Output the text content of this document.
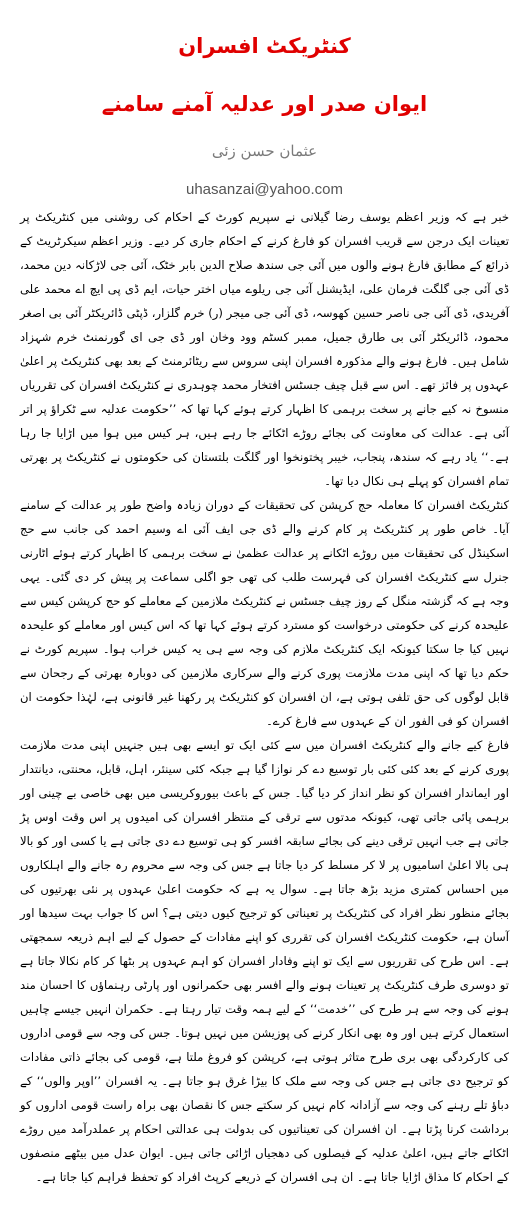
کنٹریکٹ افسران
ایوان صدر اور عدلیہ آمنے سامنے
عثمان حسن زئی
uhasanzai@yahoo.com

خبر ہے کہ وزیر اعظم یوسف رضا گیلانی نے سپریم کورٹ کے احکام کی روشنی میں کنٹریکٹ پر تعینات ایک درجن سے قریب افسران کو فارغ کرنے کے احکام جاری کر دیے۔ وزیر اعظم سیکرٹریٹ کے ذرائع کے مطابق فارغ ہونے والوں میں آئی جی سندھ صلاح الدین بابر خٹک، آئی جی لاڑکانہ دین محمد، ڈی آئی جی گلگت فرمان علی، ایڈیشنل آئی جی ریلوے میاں اختر حیات، ایم ڈی پی ایچ اے محمد علی آفریدی، ڈی آئی جی ناصر حسین کھوسہ، ڈی آئی جی میجر (ر) خرم گلزار، ڈپٹی ڈائریکٹر آئی بی اصغر محمود، ڈائریکٹر آئی بی طارق جمیل، ممبر کسٹم وود وخان اور ڈی جی ای گورنمنٹ خرم شہزاد شامل ہیں۔ فارغ ہونے والے مذکورہ افسران اپنی سروس سے ریٹائرمنٹ کے بعد بھی کنٹریکٹ پر اعلیٰ عہدوں پر فائز تھے۔ اس سے قبل چیف جسٹس افتخار محمد چوہدری نے کنٹریکٹ افسران کی تقرریاں منسوخ نہ کیے جانے پر سخت برہمی کا اظہار کرتے ہوئے کہا تھا کہ ’’حکومت عدلیہ سے ٹکراؤ پر اتر آئی ہے۔ عدالت کی معاونت کی بجائے روڑے اٹکائے جا رہے ہیں، ہر کیس میں ہوا میں اڑایا جا رہا ہے۔‘‘ یاد رہے کہ سندھ، پنجاب، خیبر پختونخوا اور گلگت بلتستان کی حکومتوں نے کنٹریکٹ پر بھرتی تمام افسران کو پہلے ہی نکال دیا تھا۔

کنٹریکٹ افسران کا معاملہ حج کرپشن کی تحقیقات کے دوران زیادہ واضح طور پر عدالت کے سامنے آیا۔ خاص طور پر کنٹریکٹ پر کام کرنے والے ڈی جی ایف آئی اے وسیم احمد کی جانب سے حج اسکینڈل کی تحقیقات میں روڑے اٹکانے پر عدالت عظمیٰ نے سخت برہمی کا اظہار کرتے ہوئے اٹارنی جنرل سے کنٹریکٹ افسران کی فہرست طلب کی تھی جو اگلی سماعت پر پیش کر دی گئی۔ یہی وجہ ہے کہ گزشتہ منگل کے روز چیف جسٹس نے کنٹریکٹ ملازمین کے معاملے کو حج کرپشن کیس سے علیحدہ کرنے کی حکومتی درخواست کو مسترد کرتے ہوئے کہا تھا کہ اس کیس اور معاملے کو علیحدہ نہیں کیا جا سکتا کیونکہ ایک کنٹریکٹ ملازم کی وجہ سے ہی یہ کیس خراب ہوا۔ سپریم کورٹ نے حکم دیا تھا کہ اپنی مدت ملازمت پوری کرنے والے سرکاری ملازمین کی دوبارہ بھرتی کے رجحان سے قابل لوگوں کی حق تلفی ہوتی ہے، ان افسران کو کنٹریکٹ پر رکھنا غیر قانونی ہے، لہٰذا حکومت ان افسران کو فی الفور ان کے عہدوں سے فارغ کرے۔

فارغ کیے جانے والے کنٹریکٹ افسران میں سے کئی ایک تو ایسے بھی ہیں جنہیں اپنی مدت ملازمت پوری کرنے کے بعد کئی کئی بار توسیع دے کر نوازا گیا ہے جبکہ کئی سینئر، اہل، قابل، محنتی، دیانتدار اور ایماندار افسران کو نظر انداز کر دیا گیا۔ جس کے باعث بیوروکریسی میں بھی خاصی بے چینی اور برہمی پائی جاتی تھی، کیونکہ مدتوں سے ترقی کے منتظر افسران کی امیدوں پر اس وقت اوس پڑ جاتی ہے جب انہیں ترقی دینے کی بجائے سابقہ افسر کو ہی توسیع دے دی جاتی ہے یا کسی اور کو بالا ہی بالا اعلیٰ اسامیوں پر لا کر مسلط کر دیا جاتا ہے جس کی وجہ سے محروم رہ جانے والے اہلکاروں میں احساس کمتری مزید بڑھ جاتا ہے۔ سوال یہ ہے کہ حکومت اعلیٰ عہدوں پر نئی بھرتیوں کی بجائے منظور نظر افراد کی کنٹریکٹ پر تعیناتی کو ترجیح کیوں دیتی ہے؟ اس کا جواب بہت سیدھا اور آسان ہے، حکومت کنٹریکٹ افسران کی تقرری کو اپنے مفادات کے حصول کے لیے اہم ذریعہ سمجھتی ہے۔ اس طرح کی تقرریوں سے ایک تو اپنے وفادار افسران کو اہم عہدوں پر بٹھا کر کام نکالا جاتا ہے تو دوسری طرف کنٹریکٹ پر تعینات ہونے والے افسر بھی حکمرانوں اور پارٹی رہنماؤں کا احسان مند ہونے کی وجہ سے ہر طرح کی ’’خدمت‘‘ کے لیے ہمہ وقت تیار رہتا ہے۔ حکمران انہیں جیسے چاہیں استعمال کرتے ہیں اور وہ بھی انکار کرنے کی پوزیشن میں نہیں ہوتا۔ جس کی وجہ سے قومی اداروں کی کارکردگی بھی بری طرح متاثر ہوتی ہے، کرپشن کو فروغ ملتا ہے، قومی کی بجائے ذاتی مفادات کو ترجیح دی جاتی ہے جس کی وجہ سے ملک کا بیڑا غرق ہو جاتا ہے۔ یہ افسران ’’اوپر والوں‘‘ کے دباؤ تلے رہنے کی وجہ سے آزادانہ کام نہیں کر سکتے جس کا نقصان بھی براہ راست قومی اداروں کو برداشت کرنا پڑتا ہے۔ ان افسران کی تعیناتیوں کی بدولت ہی عدالتی احکام پر عملدرآمد میں روڑے اٹکائے جاتے ہیں، اعلیٰ عدلیہ کے فیصلوں کی دھجیاں اڑائی جاتی ہیں۔ ایوان عدل میں بیٹھے منصفوں کے احکام کا مذاق اڑایا جاتا ہے۔ ان ہی افسران کے ذریعے کرپٹ افراد کو تحفظ فراہم کیا جاتا ہے۔
